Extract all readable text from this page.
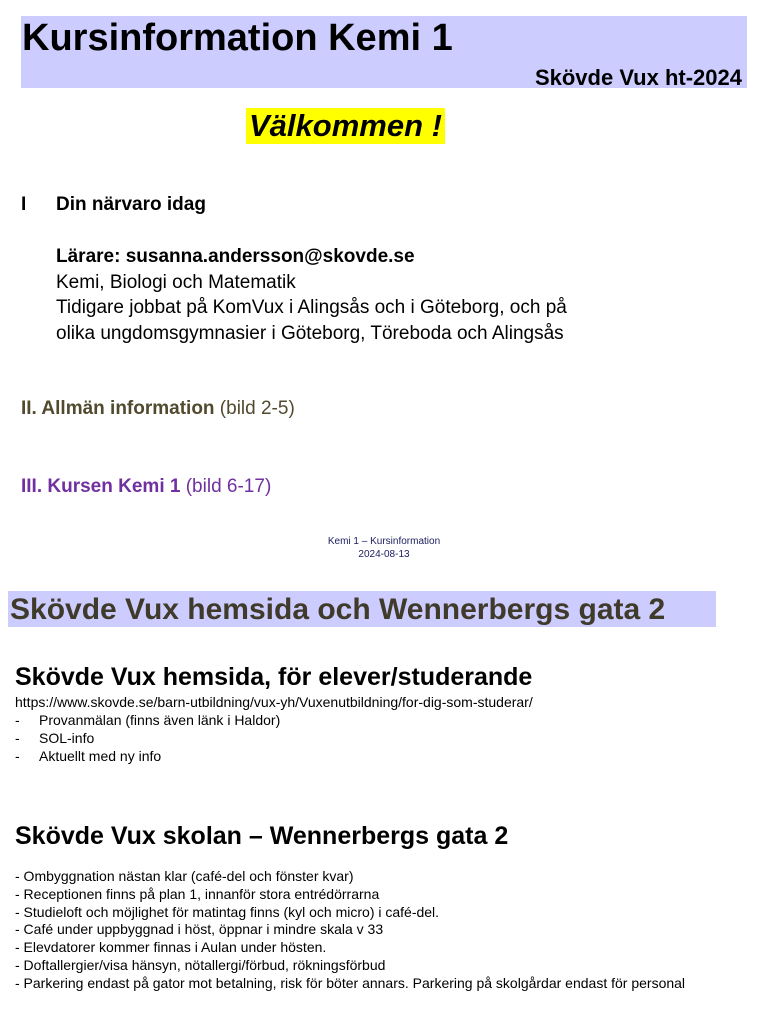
Kursinformation Kemi 1
Skövde Vux ht-2024
Välkommen !
I Din närvaro idag
Lärare: susanna.andersson@skovde.se
Kemi, Biologi och Matematik
Tidigare jobbat på KomVux i Alingsås och i Göteborg, och på
olika ungdomsgymnasier i Göteborg, Töreboda och Alingsås
II. Allmän information (bild 2-5)
III. Kursen Kemi 1 (bild 6-17)
Kemi 1 – Kursinformation
2024-08-13
Skövde Vux hemsida och Wennerbergs gata 2
Skövde Vux hemsida, för elever/studerande
https://www.skovde.se/barn-utbildning/vux-yh/Vuxenutbildning/for-dig-som-studerar/
- Provanmälan (finns även länk i Haldor)
- SOL-info
- Aktuellt med ny info
Skövde Vux skolan – Wennerbergs gata 2
- Ombyggnation nästan klar (café-del och fönster kvar)
- Receptionen finns på plan 1, innanför stora entrédörrarna
- Studieloft och möjlighet för matintag finns (kyl och micro) i café-del.
- Café under uppbyggnad i höst, öppnar i mindre skala v 33
- Elevdatorer kommer finnas i Aulan under hösten.
- Doftallergier/visa hänsyn, nötallergi/förbud, rökningsförbud
- Parkering endast på gator mot betalning, risk för böter annars. Parkering på skolgårdar endast för personal
